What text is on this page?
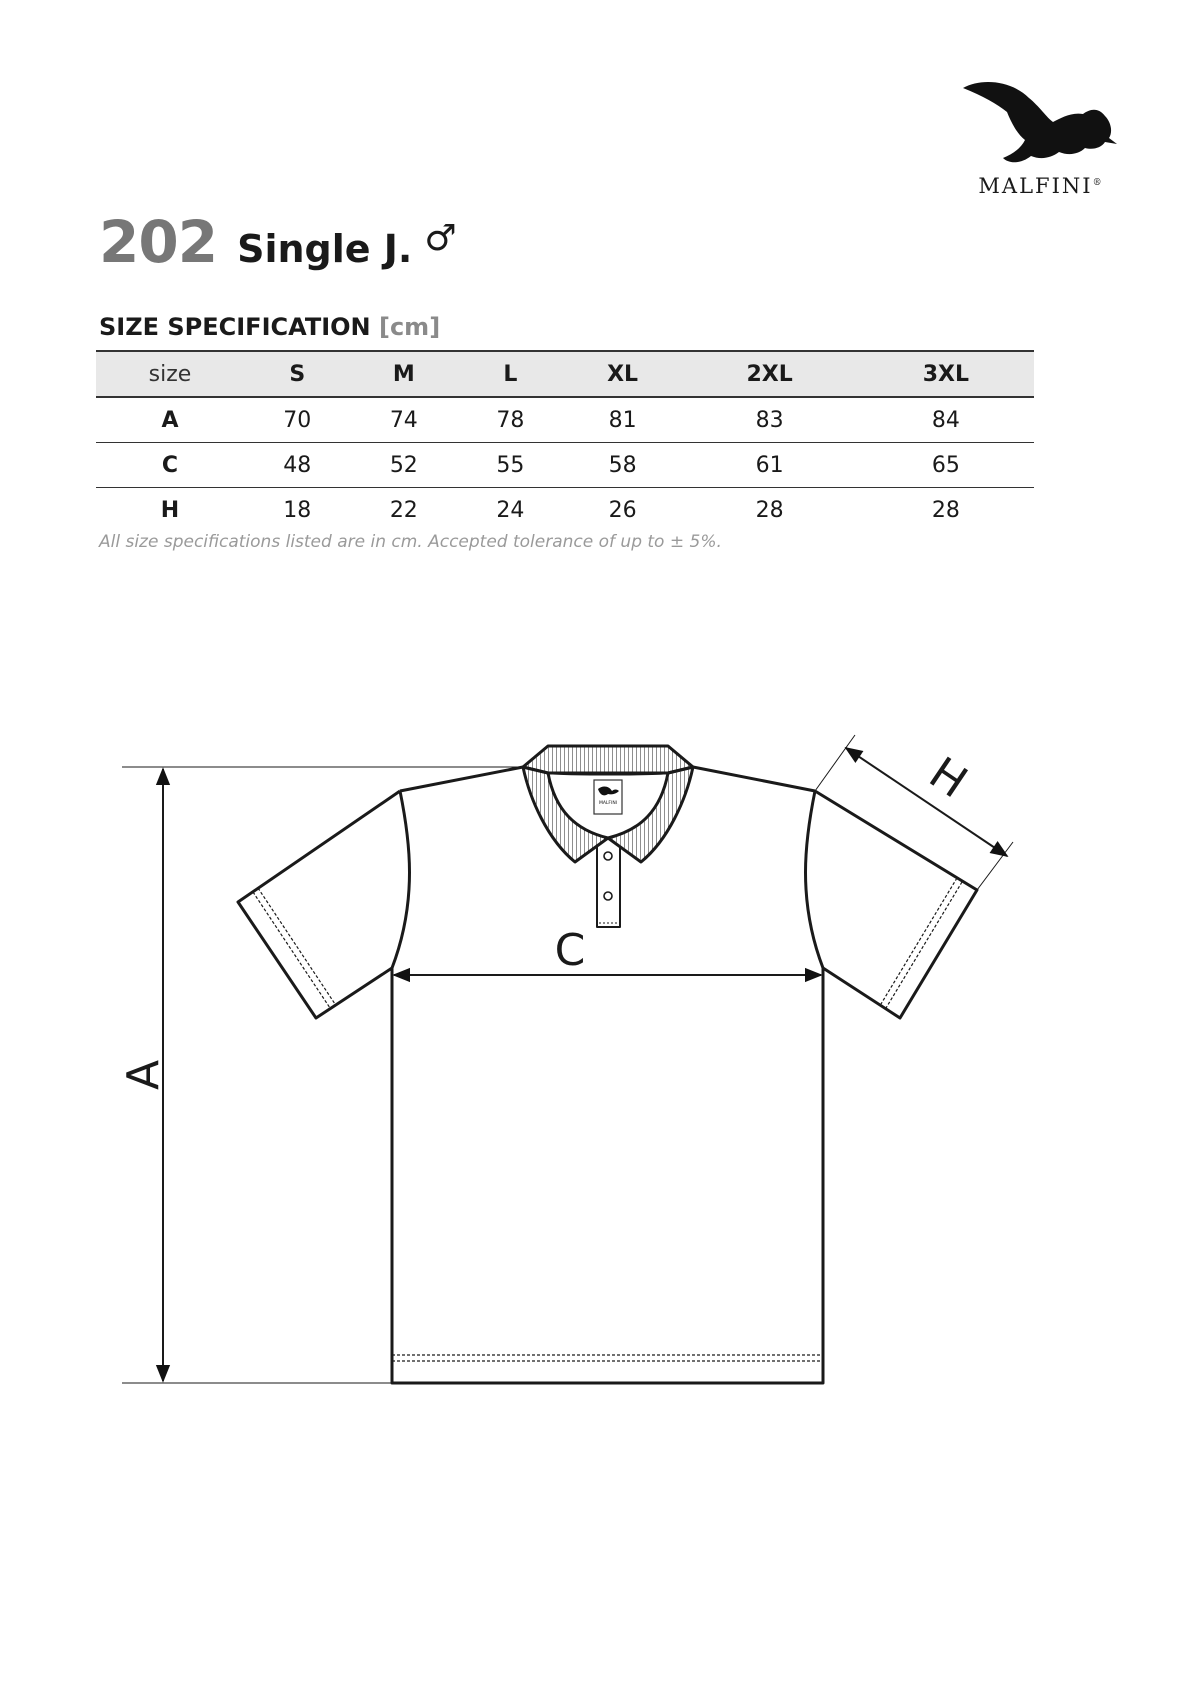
MALFINI®
202 Single J. ♂
SIZE SPECIFICATION [cm]
size	S	M	L	XL	2XL	3XL
A	70	74	78	81	83	84
C	48	52	55	58	61	65
H	18	22	24	26	28	28
All size specifications listed are in cm. Accepted tolerance of up to ± 5%.
MALFINI
A
C
H
